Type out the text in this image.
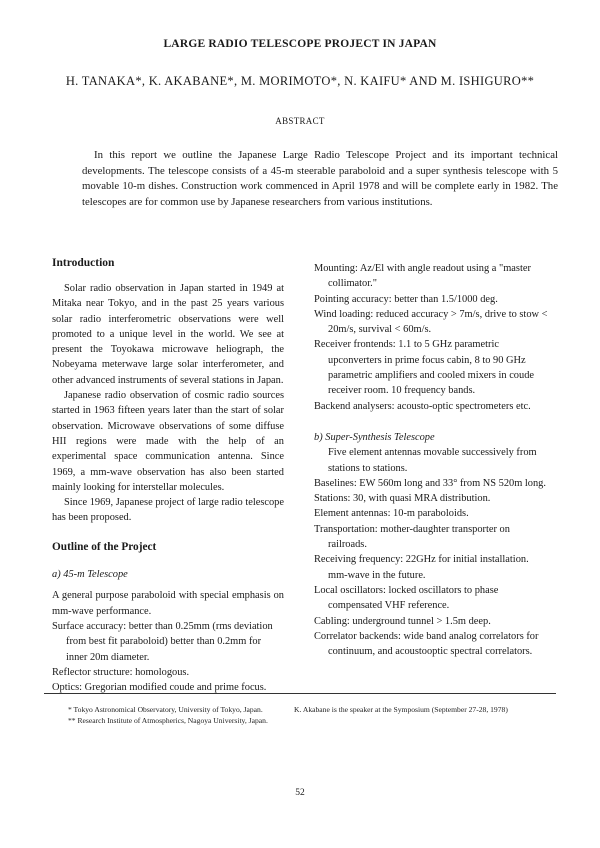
LARGE RADIO TELESCOPE PROJECT IN JAPAN
H. TANAKA*, K. AKABANE*, M. MORIMOTO*, N. KAIFU* AND M. ISHIGURO**
ABSTRACT

In this report we outline the Japanese Large Radio Telescope Project and its important technical developments. The telescope consists of a 45-m steerable paraboloid and a super synthesis telescope with 5 movable 10-m dishes. Construction work commenced in April 1978 and will be complete early in 1982. The telescopes are for common use by Japanese researchers from various institutions.

Introduction

Solar radio observation in Japan started in 1949 at Mitaka near Tokyo, and in the past 25 years various solar radio interferometric observations were well promoted to a unique level in the world. We see at present the Toyokawa microwave heliograph, the Nobeyama meterwave large solar interferometer, and other advanced instruments of several stations in Japan.

Japanese radio observation of cosmic radio sources started in 1963 fifteen years later than the start of solar observation. Microwave observations of some diffuse HII regions were made with the help of an experimental space communication antenna. Since 1969, a mm-wave observation has also been started mainly looking for interstellar molecules.

Since 1969, Japanese project of large radio telescope has been proposed.

Outline of the Project

a) 45-m Telescope

A general purpose paraboloid with special emphasis on mm-wave performance.

Surface accuracy: better than 0.25mm (rms deviation from best fit paraboloid) better than 0.2mm for inner 20m diameter.

Reflector structure: homologous.

Optics: Gregorian modified coude and prime focus.

Mounting: Az/El with angle readout using a "master collimator."

Pointing accuracy: better than 1.5/1000 deg.

Wind loading: reduced accuracy > 7m/s, drive to stow < 20m/s, survival < 60m/s.

Receiver frontends: 1.1 to 5 GHz parametric upconverters in prime focus cabin, 8 to 90 GHz parametric amplifiers and cooled mixers in coude receiver room. 10 frequency bands.

Backend analysers: acousto-optic spectrometers etc.

b) Super-Synthesis Telescope

Five element antennas movable successively from stations to stations.

Baselines: EW 560m long and 33° from NS 520m long.

Stations: 30, with quasi MRA distribution.

Element antennas: 10-m paraboloids.

Transportation: mother-daughter transporter on railroads.

Receiving frequency: 22GHz for initial installation. mm-wave in the future.

Local oscillators: locked oscillators to phase compensated VHF reference.

Cabling: underground tunnel > 1.5m deep.

Correlator backends: wide band analog correlators for continuum, and acoustooptic spectral correlators.

* Tokyo Astronomical Observatory, University of Tokyo, Japan.
** Research Institute of Atmospherics, Nagoya University, Japan.
K. Akabane is the speaker at the Symposium (September 27-28, 1978)
52
